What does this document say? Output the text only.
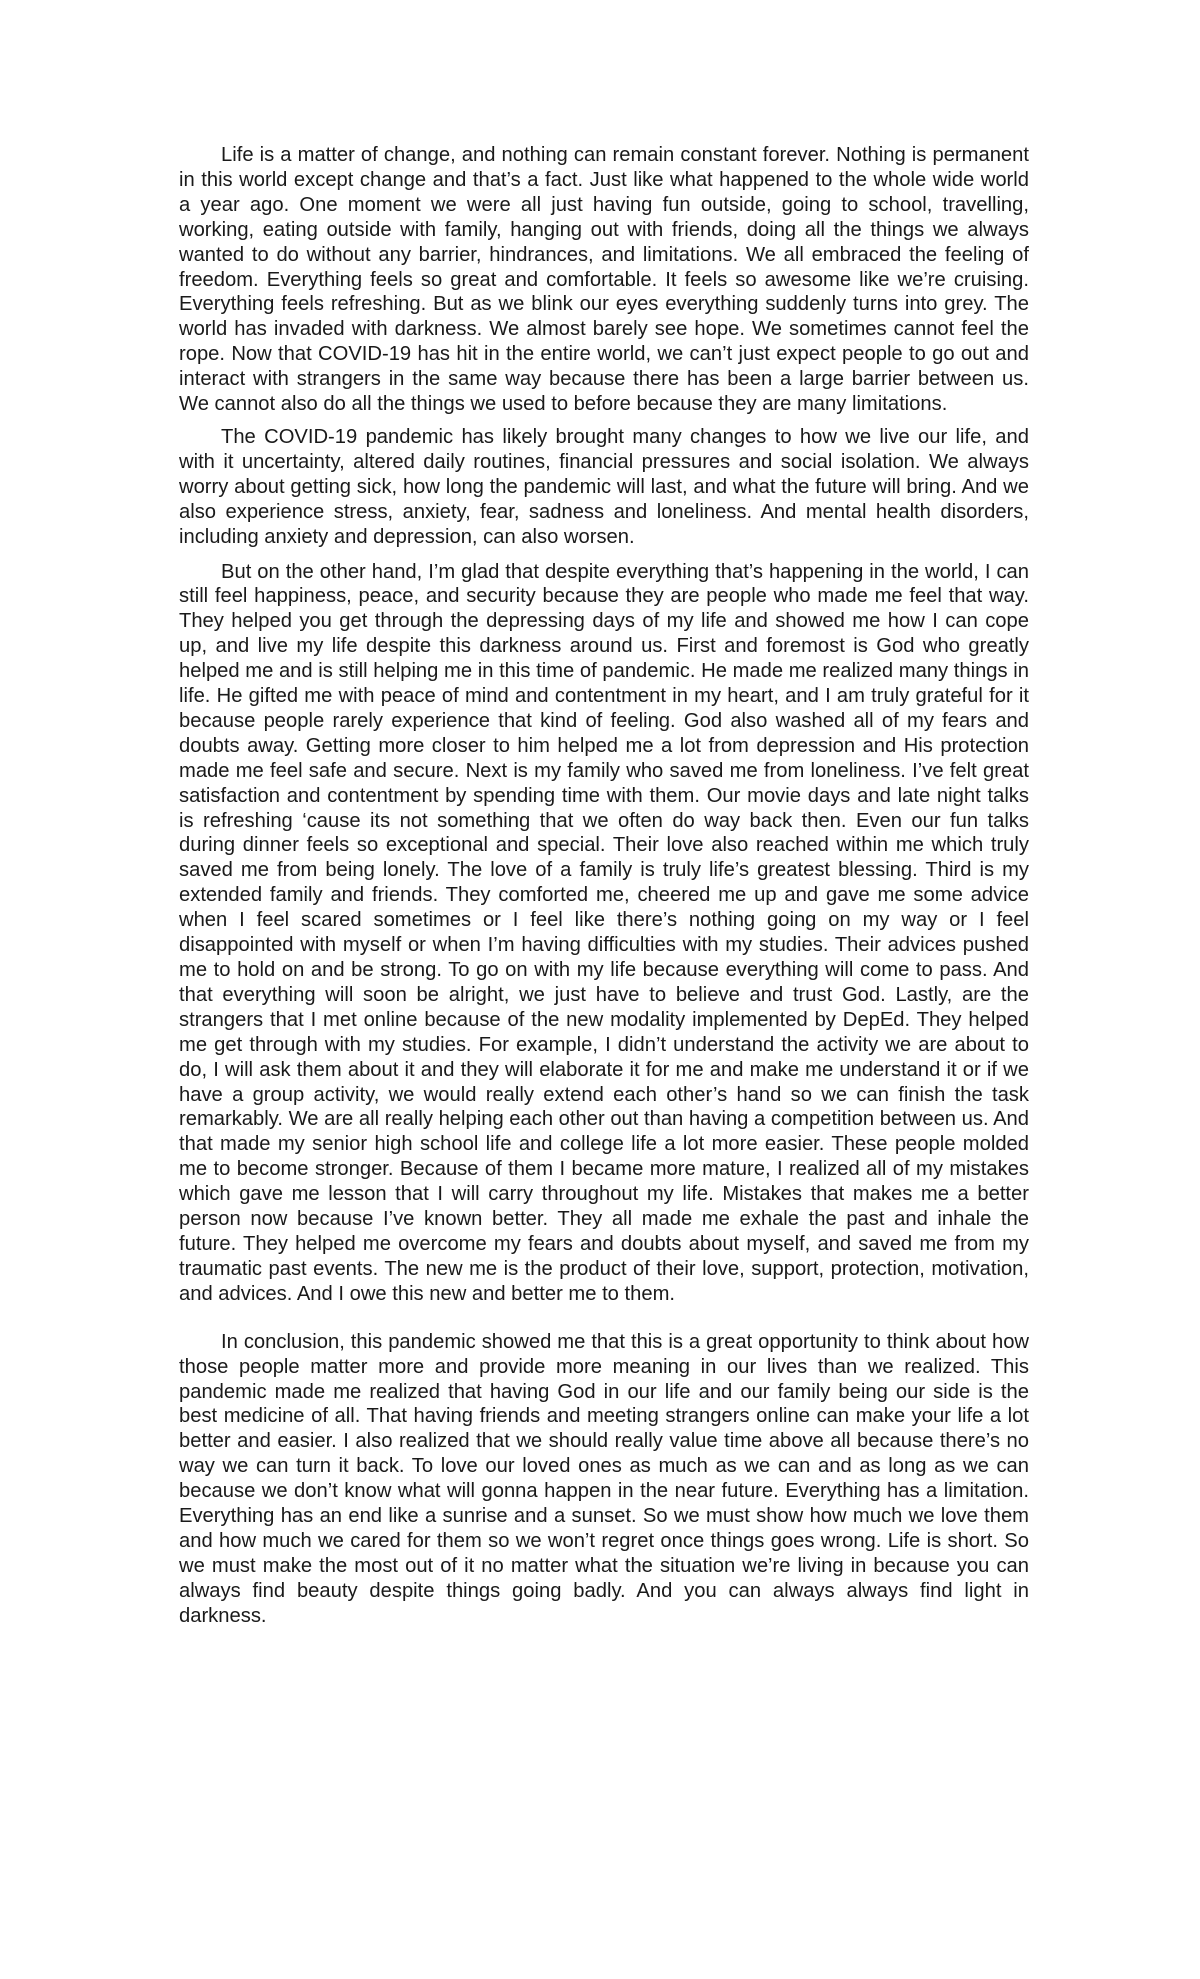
Life is a matter of change, and nothing can remain constant forever. Nothing is permanent in this world except change and that’s a fact. Just like what happened to the whole wide world a year ago. One moment we were all just having fun outside, going to school, travelling, working, eating outside with family, hanging out with friends, doing all the things we always wanted to do without any barrier, hindrances, and limitations. We all embraced the feeling of freedom. Everything feels so great and comfortable. It feels so awesome like we’re cruising. Everything feels refreshing. But as we blink our eyes everything suddenly turns into grey. The world has invaded with darkness. We almost barely see hope. We sometimes cannot feel the rope. Now that COVID-19 has hit in the entire world, we can’t just expect people to go out and interact with strangers in the same way because there has been a large barrier between us. We cannot also do all the things we used to before because they are many limitations.

The COVID-19 pandemic has likely brought many changes to how we live our life, and with it uncertainty, altered daily routines, financial pressures and social isolation. We always worry about getting sick, how long the pandemic will last, and what the future will bring. And we also experience stress, anxiety, fear, sadness and loneliness. And mental health disorders, including anxiety and depression, can also worsen.

But on the other hand, I’m glad that despite everything that’s happening in the world, I can still feel happiness, peace, and security because they are people who made me feel that way. They helped you get through the depressing days of my life and showed me how I can cope up, and live my life despite this darkness around us. First and foremost is God who greatly helped me and is still helping me in this time of pandemic. He made me realized many things in life. He gifted me with peace of mind and contentment in my heart, and I am truly grateful for it because people rarely experience that kind of feeling. God also washed all of my fears and doubts away. Getting more closer to him helped me a lot from depression and His protection made me feel safe and secure. Next is my family who saved me from loneliness. I’ve felt great satisfaction and contentment by spending time with them. Our movie days and late night talks is refreshing ‘cause its not something that we often do way back then. Even our fun talks during dinner feels so exceptional and special. Their love also reached within me which truly saved me from being lonely. The love of a family is truly life’s greatest blessing. Third is my extended family and friends. They comforted me, cheered me up and gave me some advice when I feel scared sometimes or I feel like there’s nothing going on my way or I feel disappointed with myself or when I’m having difficulties with my studies. Their advices pushed me to hold on and be strong. To go on with my life because everything will come to pass. And that everything will soon be alright, we just have to believe and trust God. Lastly, are the strangers that I met online because of the new modality implemented by DepEd. They helped me get through with my studies. For example, I didn’t understand the activity we are about to do, I will ask them about it and they will elaborate it for me and make me understand it or if we have a group activity, we would really extend each other’s hand so we can finish the task remarkably. We are all really helping each other out than having a competition between us. And that made my senior high school life and college life a lot more easier. These people molded me to become stronger. Because of them I became more mature, I realized all of my mistakes which gave me lesson that I will carry throughout my life. Mistakes that makes me a better person now because I’ve known better. They all made me exhale the past and inhale the future. They helped me overcome my fears and doubts about myself, and saved me from my traumatic past events. The new me is the product of their love, support, protection, motivation, and advices. And I owe this new and better me to them.

In conclusion, this pandemic showed me that this is a great opportunity to think about how those people matter more and provide more meaning in our lives than we realized. This pandemic made me realized that having God in our life and our family being our side is the best medicine of all. That having friends and meeting strangers online can make your life a lot better and easier. I also realized that we should really value time above all because there’s no way we can turn it back. To love our loved ones as much as we can and as long as we can because we don’t know what will gonna happen in the near future. Everything has a limitation. Everything has an end like a sunrise and a sunset. So we must show how much we love them and how much we cared for them so we won’t regret once things goes wrong. Life is short. So we must make the most out of it no matter what the situation we’re living in because you can always find beauty despite things going badly. And you can always always find light in darkness.
